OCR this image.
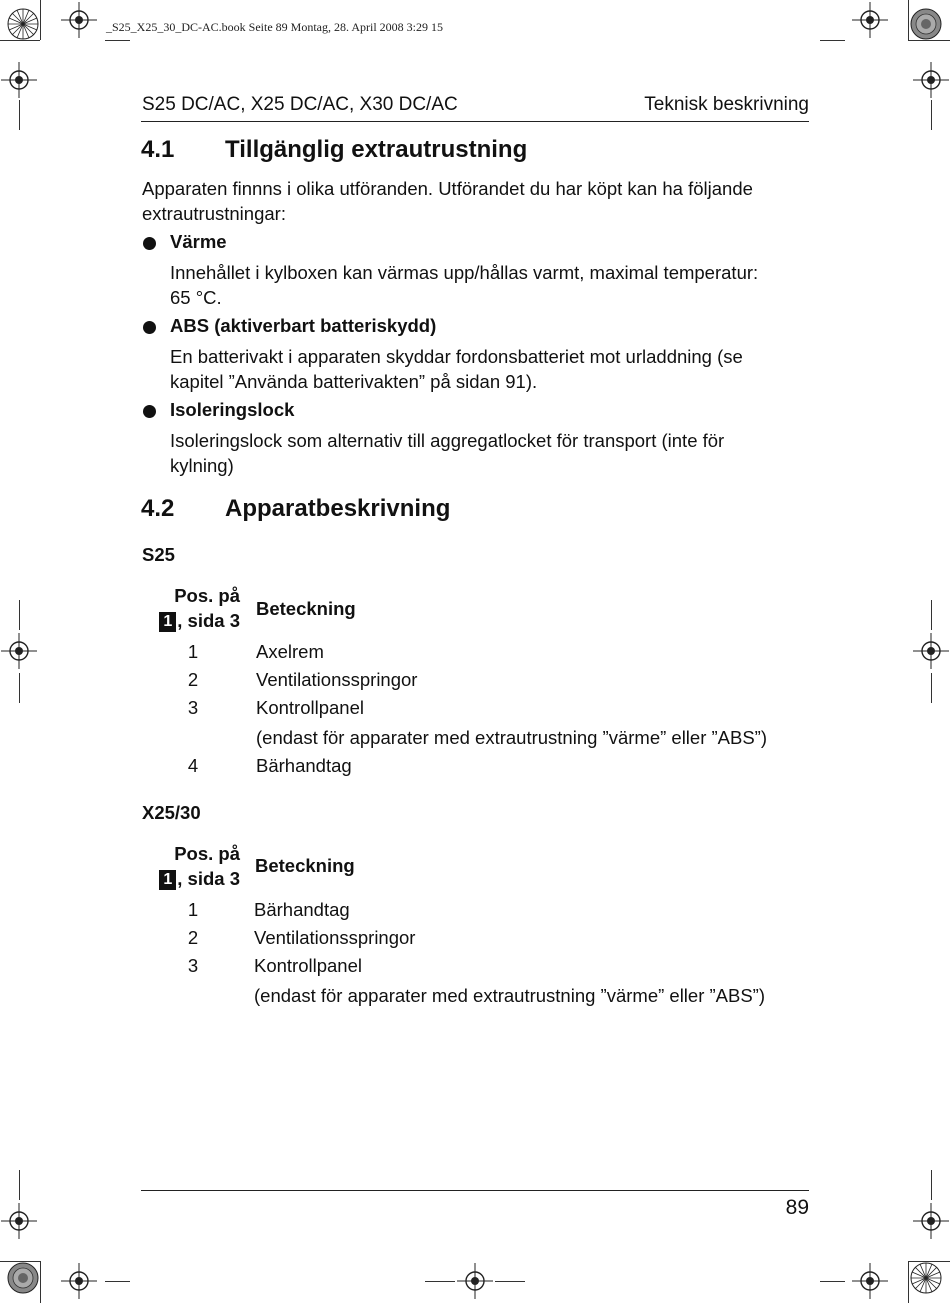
_S25_X25_30_DC-AC.book Seite 89 Montag, 28. April 2008 3:29 15
S25 DC/AC, X25 DC/AC, X30 DC/AC	Teknisk beskrivning
4.1 Tillgänglig extrautrustning
Apparaten finnns i olika utföranden. Utförandet du har köpt kan ha följande
extrautrustningar:
Värme
Innehållet i kylboxen kan värmas upp/hållas varmt, maximal temperatur:
65 °C.
ABS (aktiverbart batteriskydd)
En batterivakt i apparaten skyddar fordonsbatteriet mot urladdning (se
kapitel ”Använda batterivakten” på sidan 91).
Isoleringslock
Isoleringslock som alternativ till aggregatlocket för transport (inte för
kylning)
4.2 Apparatbeskrivning
S25
Pos. på
1 , sida 3
Beteckning
1	Axelrem
2	Ventilationsspringor
3	Kontrollpanel
(endast för apparater med extrautrustning ”värme” eller ”ABS”)
4	Bärhandtag
X25/30
Pos. på
1 , sida 3
Beteckning
1	Bärhandtag
2	Ventilationsspringor
3	Kontrollpanel
(endast för apparater med extrautrustning ”värme” eller ”ABS”)
89
